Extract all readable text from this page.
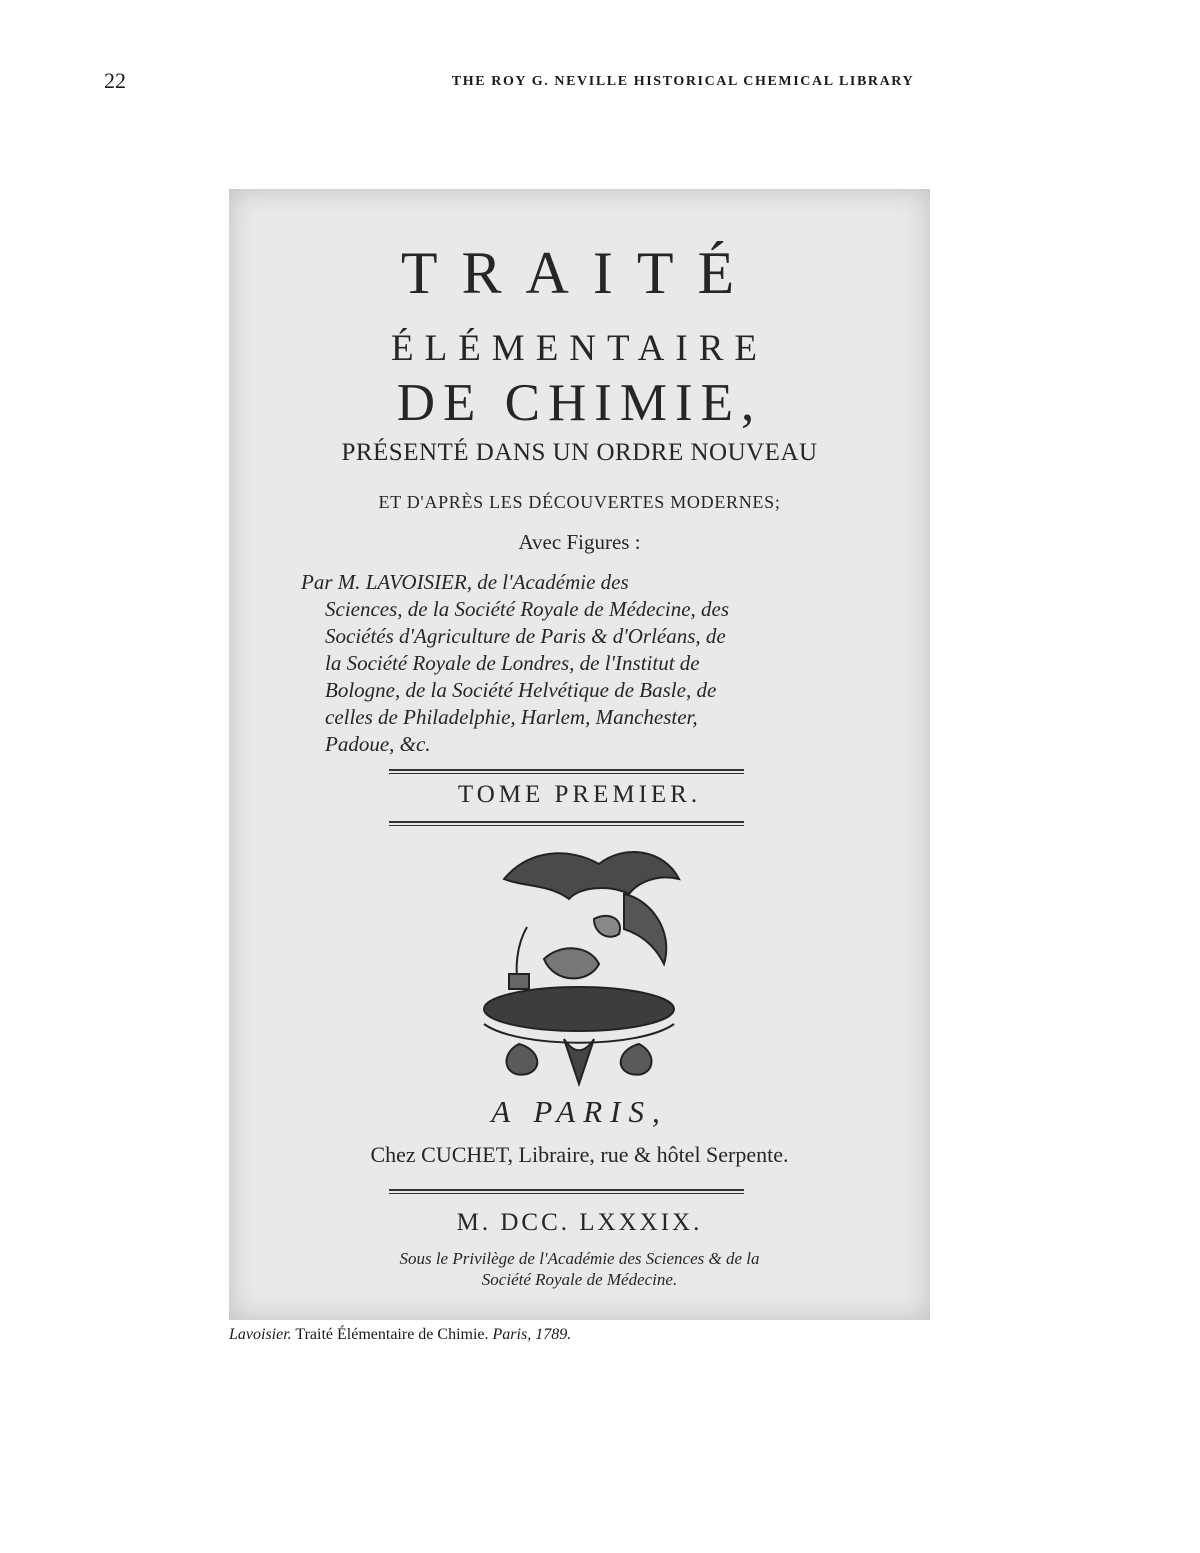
22	THE ROY G. NEVILLE HISTORICAL CHEMICAL LIBRARY
TRAITÉ
ÉLÉMENTAIRE
DE CHIMIE,
PRÉSENTÉ DANS UN ORDRE NOUVEAU
ET D'APRÈS LES DÉCOUVERTES MODERNES;
Avec Figures :
Par M. LAVOISIER, de l'Académie des
Sciences, de la Société Royale de Médecine, des
Sociétés d'Agriculture de Paris & d'Orléans, de
la Société Royale de Londres, de l'Institut de
Bologne, de la Société Helvétique de Basle, de
celles de Philadelphie, Harlem, Manchester,
Padoue, &c.
TOME PREMIER.
A PARIS,
Chez CUCHET, Libraire, rue & hôtel Serpente.
M. DCC. LXXXIX.
Sous le Privilège de l'Académie des Sciences & de la
Société Royale de Médecine.
Lavoisier. Traité Élémentaire de Chimie. Paris, 1789.
